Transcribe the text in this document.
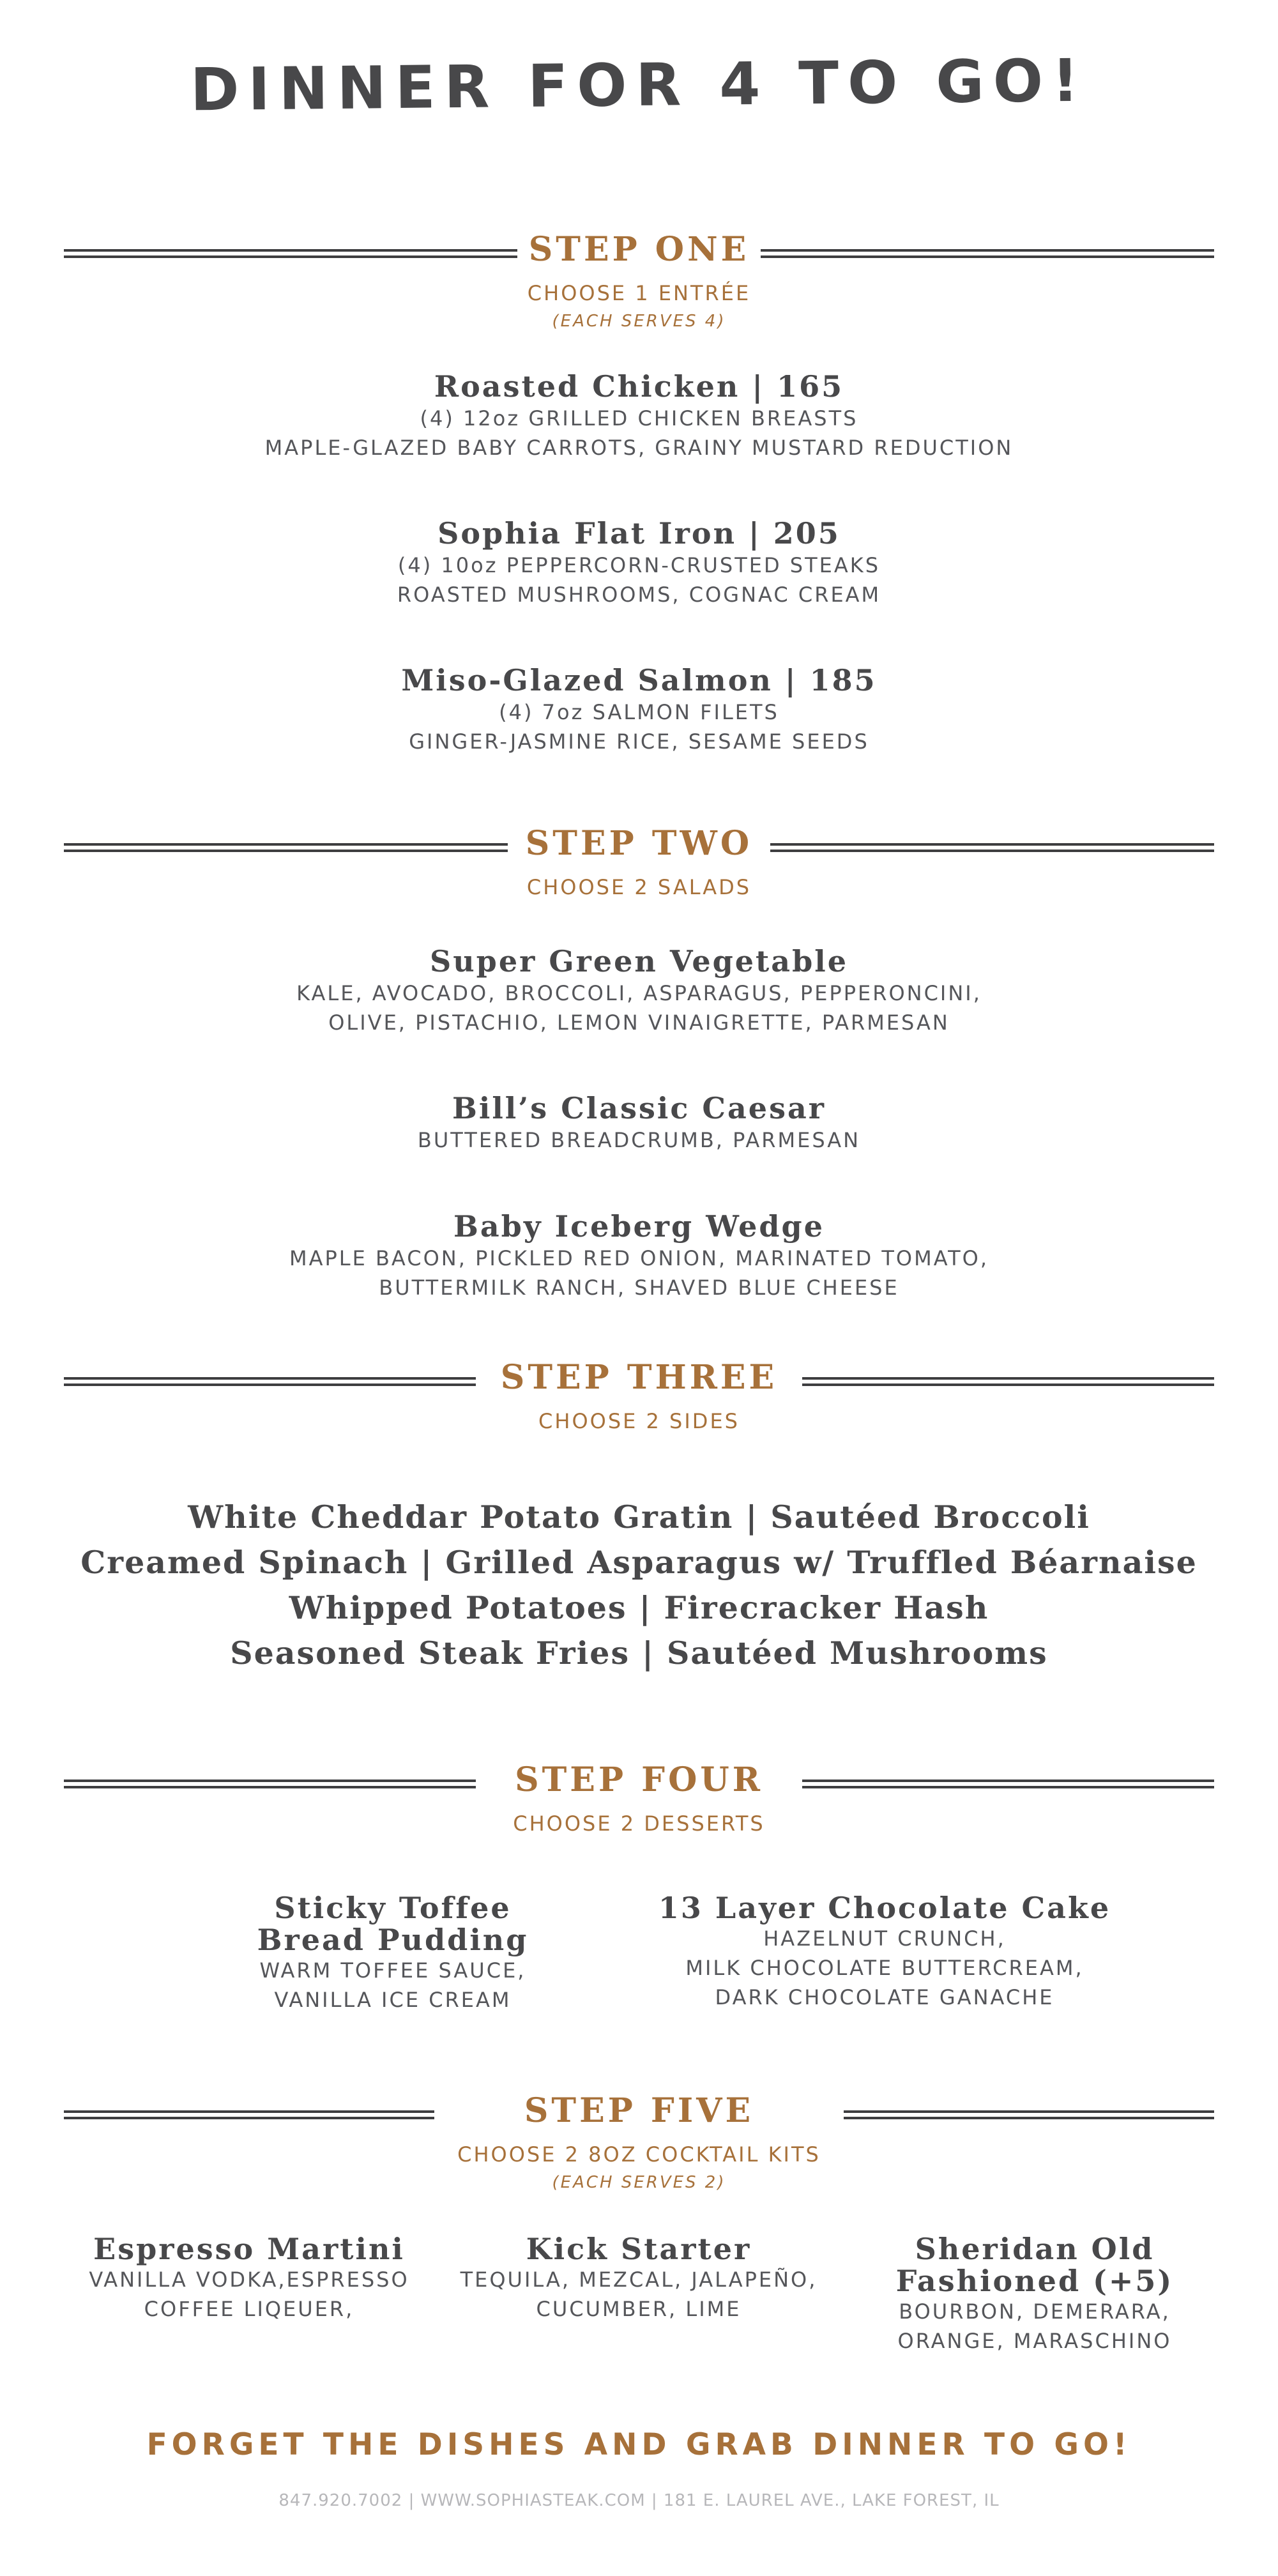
DINNER FOR 4 TO GO!
STEP ONE
CHOOSE 1 ENTRÉE
(EACH SERVES 4)
Roasted Chicken | 165
(4) 12oz GRILLED CHICKEN BREASTS
MAPLE-GLAZED BABY CARROTS, GRAINY MUSTARD REDUCTION
Sophia Flat Iron | 205
(4) 10oz PEPPERCORN-CRUSTED STEAKS
ROASTED MUSHROOMS, COGNAC CREAM
Miso-Glazed Salmon | 185
(4) 7oz SALMON FILETS
GINGER-JASMINE RICE, SESAME SEEDS
STEP TWO
CHOOSE 2 SALADS
Super Green Vegetable
KALE, AVOCADO, BROCCOLI, ASPARAGUS, PEPPERONCINI,
OLIVE, PISTACHIO, LEMON VINAIGRETTE, PARMESAN
Bill’s Classic Caesar
BUTTERED BREADCRUMB, PARMESAN
Baby Iceberg Wedge
MAPLE BACON, PICKLED RED ONION, MARINATED TOMATO,
BUTTERMILK RANCH, SHAVED BLUE CHEESE
STEP THREE
CHOOSE 2 SIDES
White Cheddar Potato Gratin | Sautéed Broccoli
Creamed Spinach | Grilled Asparagus w/ Truffled Béarnaise
Whipped Potatoes | Firecracker Hash
Seasoned Steak Fries | Sautéed Mushrooms
STEP FOUR
CHOOSE 2 DESSERTS
Sticky Toffee
Bread Pudding
WARM TOFFEE SAUCE,
VANILLA ICE CREAM
13 Layer Chocolate Cake
HAZELNUT CRUNCH,
MILK CHOCOLATE BUTTERCREAM,
DARK CHOCOLATE GANACHE
STEP FIVE
CHOOSE 2 8OZ COCKTAIL KITS
(EACH SERVES 2)
Espresso Martini
VANILLA VODKA,ESPRESSO
COFFEE LIQEUER,
Kick Starter
TEQUILA, MEZCAL, JALAPEÑO,
CUCUMBER, LIME
Sheridan Old
Fashioned (+5)
BOURBON, DEMERARA,
ORANGE, MARASCHINO
FORGET THE DISHES AND GRAB DINNER TO GO!
847.920.7002 | WWW.SOPHIASTEAK.COM | 181 E. LAUREL AVE., LAKE FOREST, IL
